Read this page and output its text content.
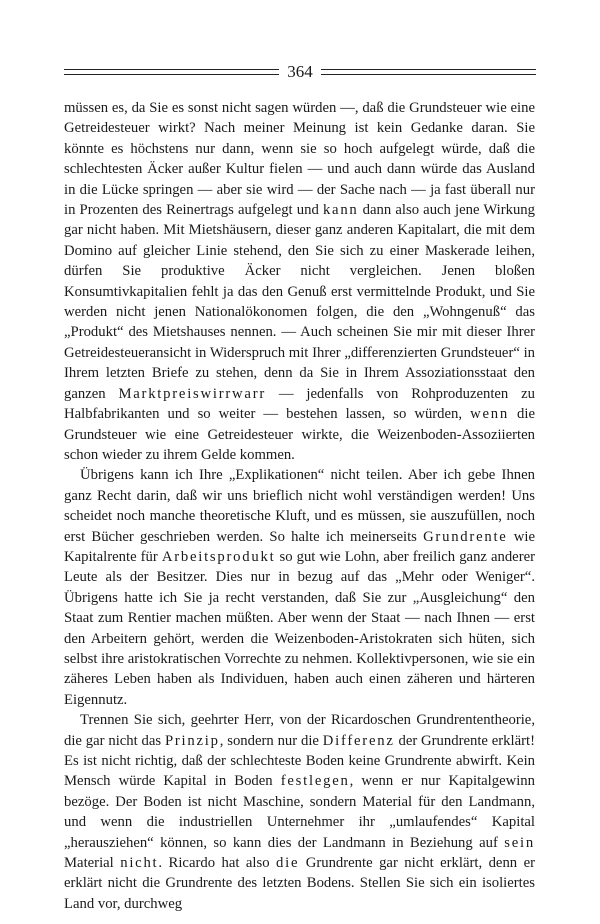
364

müssen es, da Sie es sonst nicht sagen würden —, daß die Grundsteuer wie eine Getreidesteuer wirkt? Nach meiner Meinung ist kein Gedanke daran. Sie könnte es höchstens nur dann, wenn sie so hoch aufgelegt würde, daß die schlechtesten Äcker außer Kultur fielen — und auch dann würde das Ausland in die Lücke springen — aber sie wird — der Sache nach — ja fast überall nur in Prozenten des Reinertrags aufgelegt und kann dann also auch jene Wirkung gar nicht haben. Mit Mietshäusern, dieser ganz anderen Kapitalart, die mit dem Domino auf gleicher Linie stehend, den Sie sich zu einer Maskerade leihen, dürfen Sie produktive Äcker nicht vergleichen. Jenen bloßen Konsumtivkapitalien fehlt ja das den Genuß erst vermittelnde Produkt, und Sie werden nicht jenen Nationalökonomen folgen, die den „Wohngenuß“ das „Produkt“ des Mietshauses nennen. — Auch scheinen Sie mir mit dieser Ihrer Getreidesteueransicht in Widerspruch mit Ihrer „differenzierten Grundsteuer“ in Ihrem letzten Briefe zu stehen, denn da Sie in Ihrem Assoziationsstaat den ganzen Marktpreiswirrwarr — jedenfalls von Rohproduzenten zu Halbfabrikanten und so weiter — bestehen lassen, so würden, wenn die Grundsteuer wie eine Getreidesteuer wirkte, die Weizenboden-Assoziierten schon wieder zu ihrem Gelde kommen.

Übrigens kann ich Ihre „Explikationen“ nicht teilen. Aber ich gebe Ihnen ganz Recht darin, daß wir uns brieflich nicht wohl verständigen werden! Uns scheidet noch manche theoretische Kluft, und es müssen, sie auszufüllen, noch erst Bücher geschrieben werden. So halte ich meinerseits Grundrente wie Kapitalrente für Arbeitsprodukt so gut wie Lohn, aber freilich ganz anderer Leute als der Besitzer. Dies nur in bezug auf das „Mehr oder Weniger“. Übrigens hatte ich Sie ja recht verstanden, daß Sie zur „Ausgleichung“ den Staat zum Rentier machen müßten. Aber wenn der Staat — nach Ihnen — erst den Arbeitern gehört, werden die Weizenboden-Aristokraten sich hüten, sich selbst ihre aristokratischen Vorrechte zu nehmen. Kollektivpersonen, wie sie ein zäheres Leben haben als Individuen, haben auch einen zäheren und härteren Eigennutz.

Trennen Sie sich, geehrter Herr, von der Ricardoschen Grundrententheorie, die gar nicht das Prinzip, sondern nur die Differenz der Grundrente erklärt! Es ist nicht richtig, daß der schlechteste Boden keine Grundrente abwirft. Kein Mensch würde Kapital in Boden festlegen, wenn er nur Kapitalgewinn bezöge. Der Boden ist nicht Maschine, sondern Material für den Landmann, und wenn die industriellen Unternehmer ihr „umlaufendes“ Kapital „herausziehen“ können, so kann dies der Landmann in Beziehung auf sein Material nicht. Ricardo hat also die Grundrente gar nicht erklärt, denn er erklärt nicht die Grundrente des letzten Bodens. Stellen Sie sich ein isoliertes Land vor, durchweg
